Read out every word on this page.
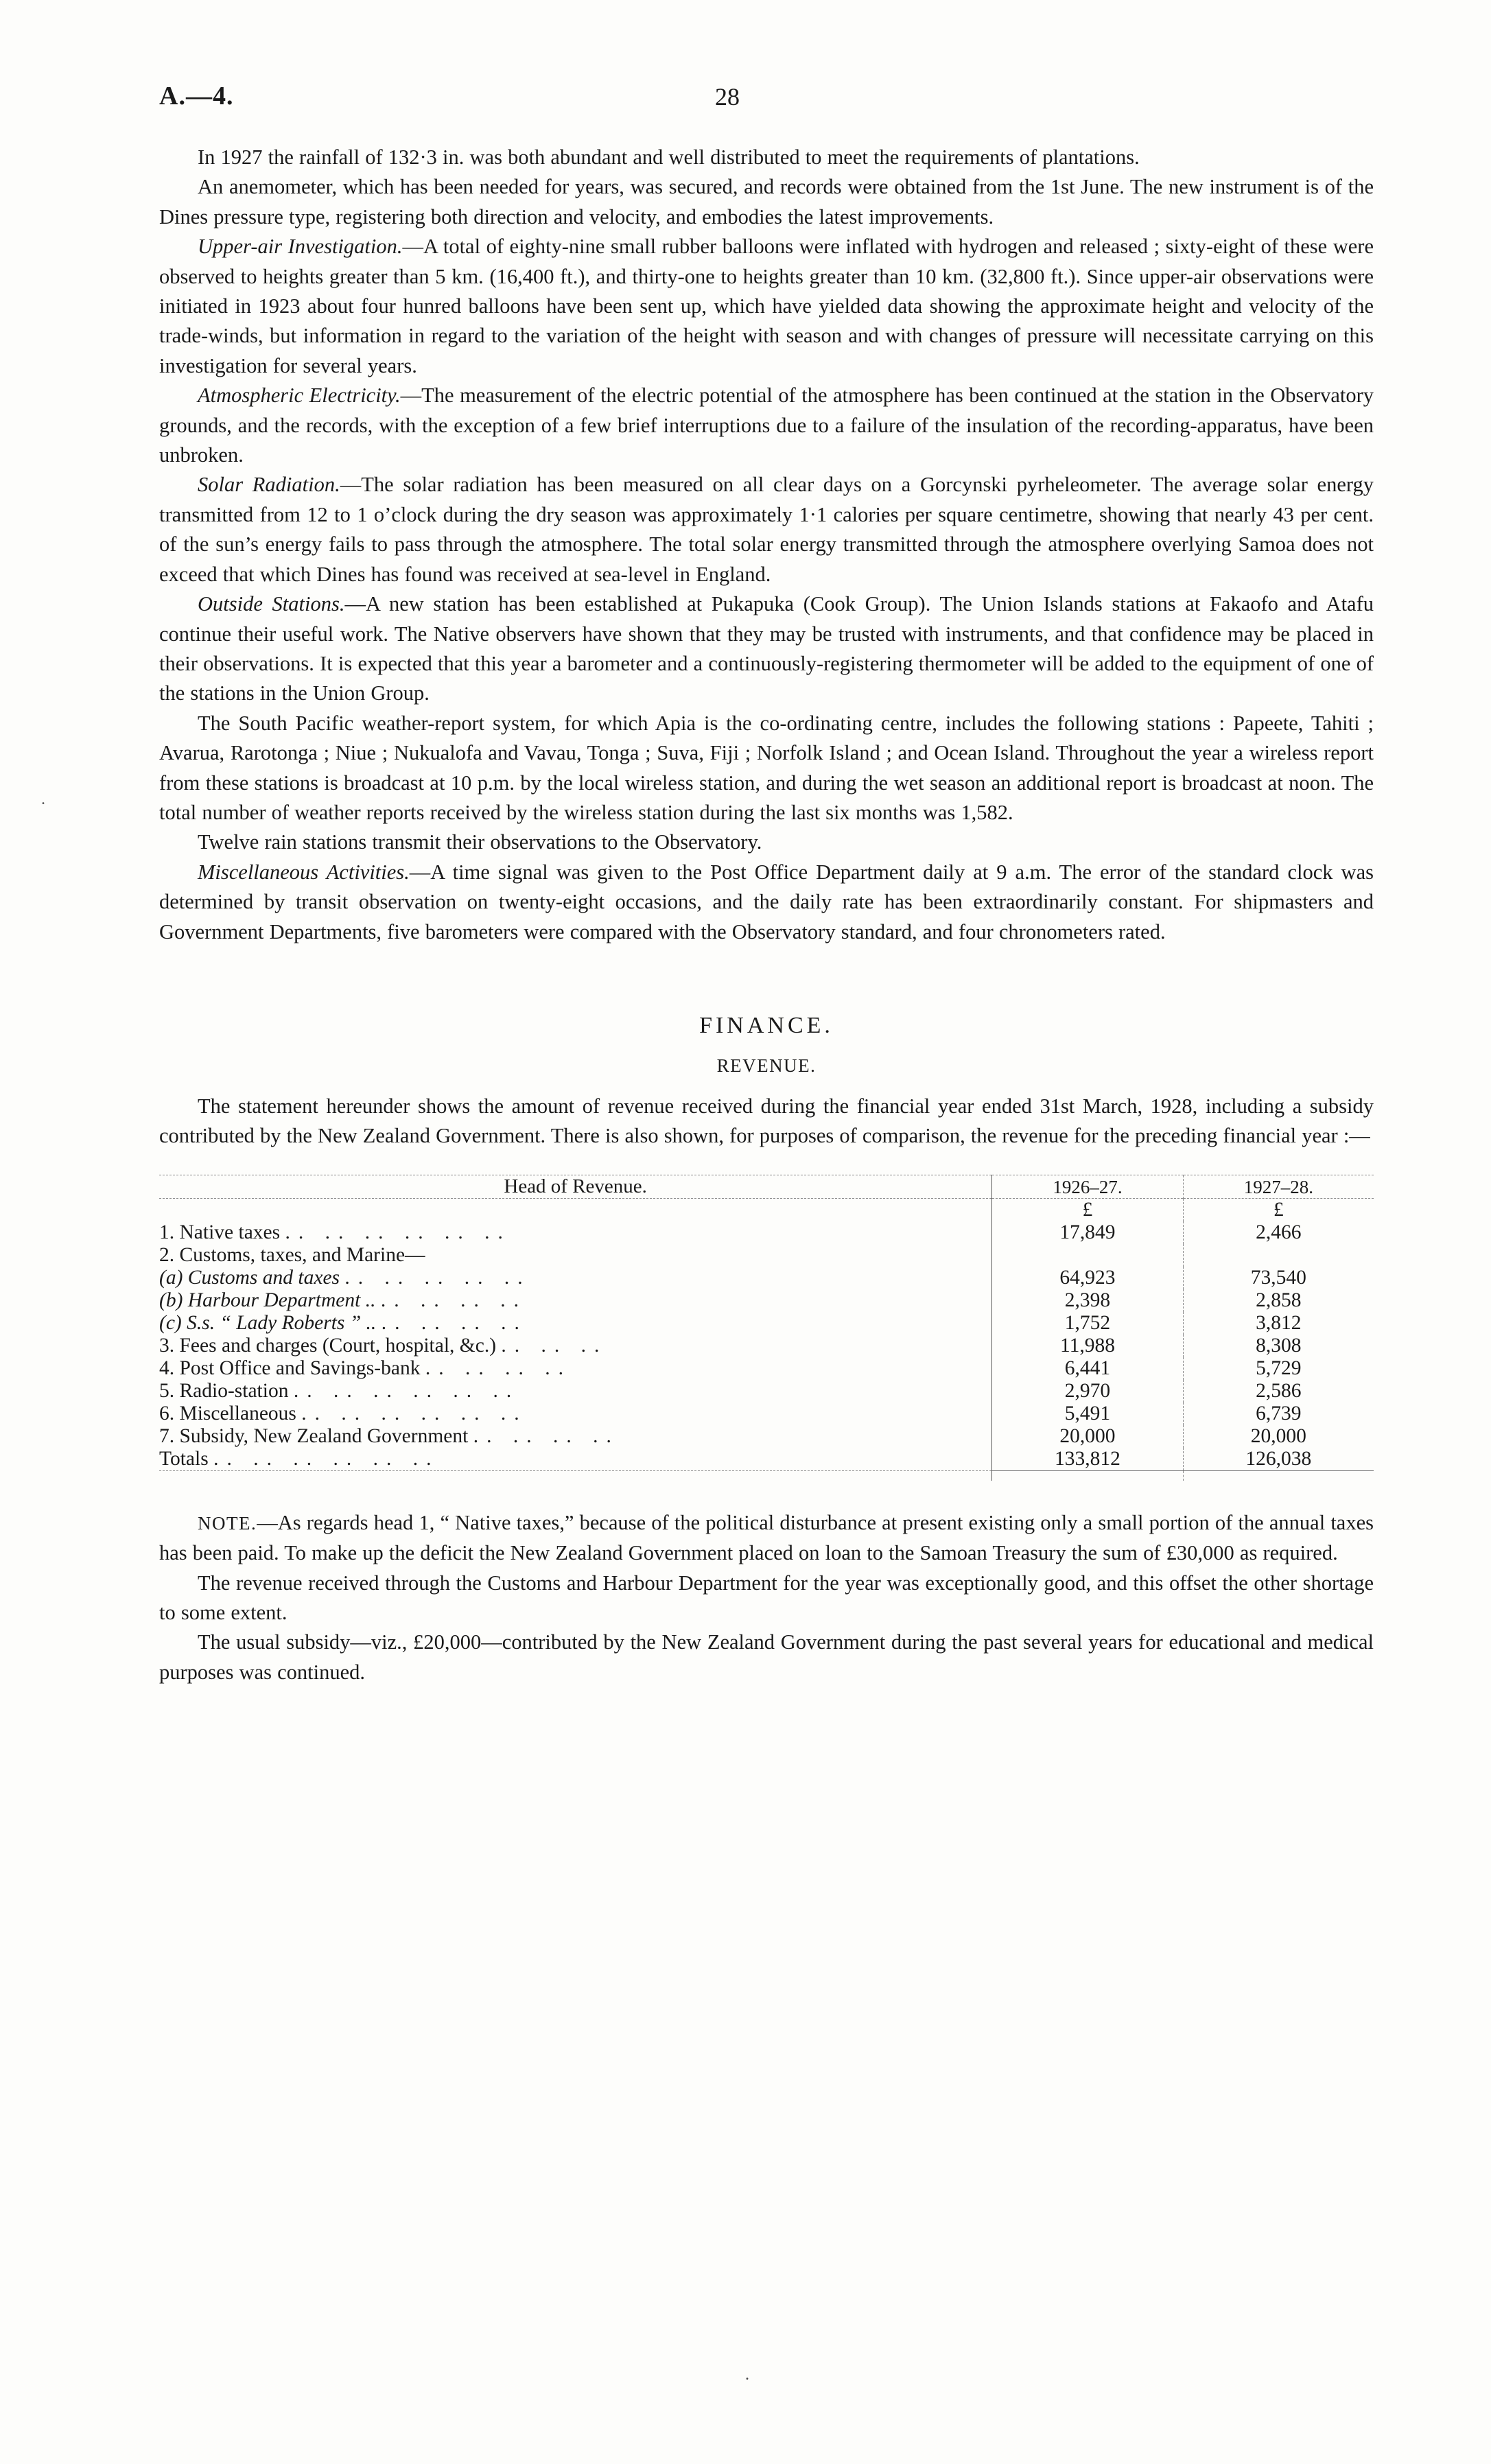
.
A.—4.	28

In 1927 the rainfall of 132·3 in. was both abundant and well distributed to meet the requirements of plantations.

An anemometer, which has been needed for years, was secured, and records were obtained from the 1st June. The new instrument is of the Dines pressure type, registering both direction and velocity, and embodies the latest improvements.

Upper-air Investigation.—A total of eighty-nine small rubber balloons were inflated with hydrogen and released ; sixty-eight of these were observed to heights greater than 5 km. (16,400 ft.), and thirty-one to heights greater than 10 km. (32,800 ft.). Since upper-air observations were initiated in 1923 about four hunred balloons have been sent up, which have yielded data showing the approximate height and velocity of the trade-winds, but information in regard to the variation of the height with season and with changes of pressure will necessitate carrying on this investigation for several years.

Atmospheric Electricity.—The measurement of the electric potential of the atmosphere has been continued at the station in the Observatory grounds, and the records, with the exception of a few brief interruptions due to a failure of the insulation of the recording-apparatus, have been unbroken.

Solar Radiation.—The solar radiation has been measured on all clear days on a Gorcynski pyrheleometer. The average solar energy transmitted from 12 to 1 o’clock during the dry season was approximately 1·1 calories per square centimetre, showing that nearly 43 per cent. of the sun’s energy fails to pass through the atmosphere. The total solar energy transmitted through the atmosphere overlying Samoa does not exceed that which Dines has found was received at sea-level in England.

Outside Stations.—A new station has been established at Pukapuka (Cook Group). The Union Islands stations at Fakaofo and Atafu continue their useful work. The Native observers have shown that they may be trusted with instruments, and that confidence may be placed in their observations. It is expected that this year a barometer and a continuously-registering thermometer will be added to the equipment of one of the stations in the Union Group.

The South Pacific weather-report system, for which Apia is the co-ordinating centre, includes the following stations : Papeete, Tahiti ; Avarua, Rarotonga ; Niue ; Nukualofa and Vavau, Tonga ; Suva, Fiji ; Norfolk Island ; and Ocean Island. Throughout the year a wireless report from these stations is broadcast at 10 p.m. by the local wireless station, and during the wet season an additional report is broadcast at noon. The total number of weather reports received by the wireless station during the last six months was 1,582.

Twelve rain stations transmit their observations to the Observatory.

Miscellaneous Activities.—A time signal was given to the Post Office Department daily at 9 a.m. The error of the standard clock was determined by transit observation on twenty-eight occasions, and the daily rate has been extraordinarily constant. For shipmasters and Government Departments, five barometers were compared with the Observatory standard, and four chronometers rated.

FINANCE.
REVENUE.

The statement hereunder shows the amount of revenue received during the financial year ended 31st March, 1928, including a subsidy contributed by the New Zealand Government. There is also shown, for purposes of comparison, the revenue for the preceding financial year :—

Head of Revenue.	1926–27.	1927–28.
	£	£
1. Native taxes .. .. .. .. .. ..	17,849	2,466
2. Customs, taxes, and Marine—		
(a) Customs and taxes .. .. .. .. ..	64,923	73,540
(b) Harbour Department .. .. .. .. ..	2,398	2,858
(c) S.s. “ Lady Roberts ” .. .. .. .. ..	1,752	3,812
3. Fees and charges (Court, hospital, &c.) .. .. ..	11,988	8,308
4. Post Office and Savings-bank .. .. .. ..	6,441	5,729
5. Radio-station .. .. .. .. .. ..	2,970	2,586
6. Miscellaneous .. .. .. .. .. ..	5,491	6,739
7. Subsidy, New Zealand Government .. .. .. ..	20,000	20,000
Totals .. .. .. .. .. ..	133,812	126,038

NOTE.—As regards head 1, “ Native taxes,” because of the political disturbance at present existing only a small portion of the annual taxes has been paid. To make up the deficit the New Zealand Government placed on loan to the Samoan Treasury the sum of £30,000 as required.

The revenue received through the Customs and Harbour Department for the year was exceptionally good, and this offset the other shortage to some extent.

The usual subsidy—viz., £20,000—contributed by the New Zealand Government during the past several years for educational and medical purposes was continued.

.
